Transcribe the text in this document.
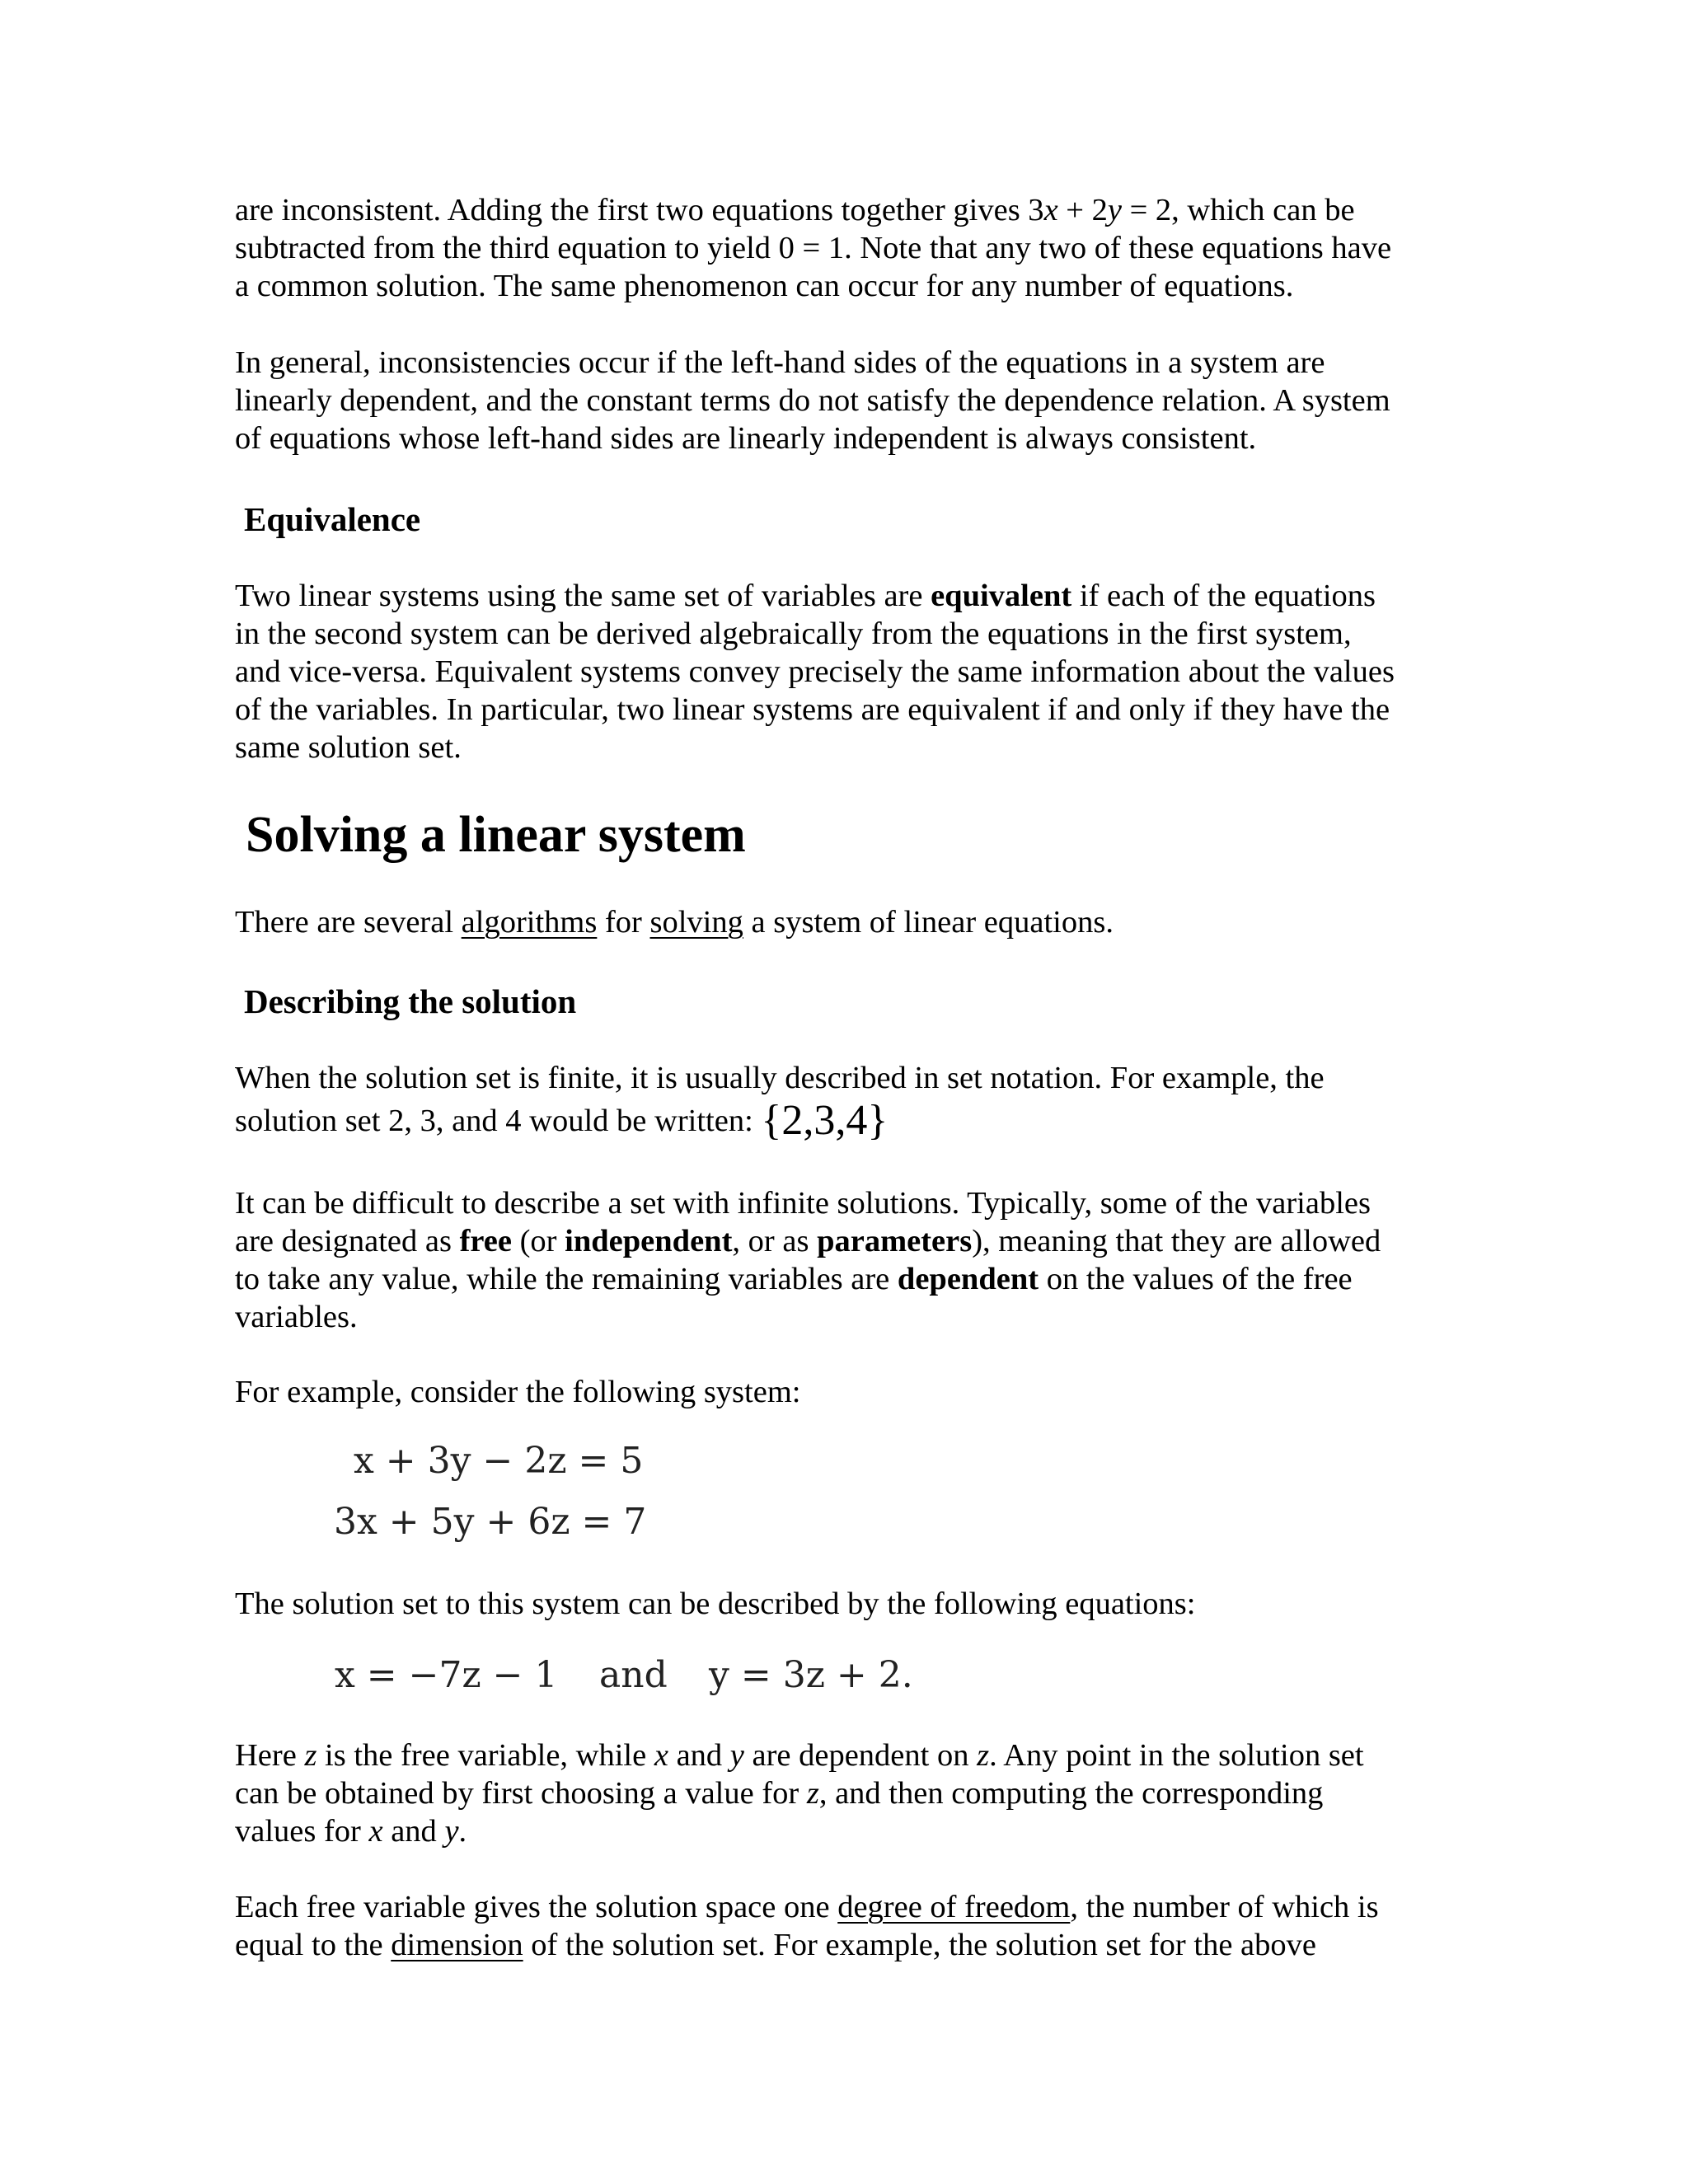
are inconsistent. Adding the first two equations together gives 3x + 2y = 2, which can be

subtracted from the third equation to yield 0 = 1. Note that any two of these equations have

a common solution. The same phenomenon can occur for any number of equations.

In general, inconsistencies occur if the left-hand sides of the equations in a system are

linearly dependent, and the constant terms do not satisfy the dependence relation. A system

of equations whose left-hand sides are linearly independent is always consistent.

Equivalence

Two linear systems using the same set of variables are equivalent if each of the equations

in the second system can be derived algebraically from the equations in the first system,

and vice-versa. Equivalent systems convey precisely the same information about the values

of the variables. In particular, two linear systems are equivalent if and only if they have the

same solution set.

Solving a linear system

There are several algorithms for solving a system of linear equations.

Describing the solution

When the solution set is finite, it is usually described in set notation. For example, the

solution set 2, 3, and 4 would be written: {2,3,4}

It can be difficult to describe a set with infinite solutions. Typically, some of the variables

are designated as free (or independent, or as parameters), meaning that they are allowed

to take any value, while the remaining variables are dependent on the values of the free

variables.

For example, consider the following system:

x + 3y − 2z = 5
3x + 5y + 6z = 7

The solution set to this system can be described by the following equations:

x = −7z − 1 and y = 3z + 2.

Here z is the free variable, while x and y are dependent on z. Any point in the solution set

can be obtained by first choosing a value for z, and then computing the corresponding

values for x and y.

Each free variable gives the solution space one degree of freedom, the number of which is

equal to the dimension of the solution set. For example, the solution set for the above
